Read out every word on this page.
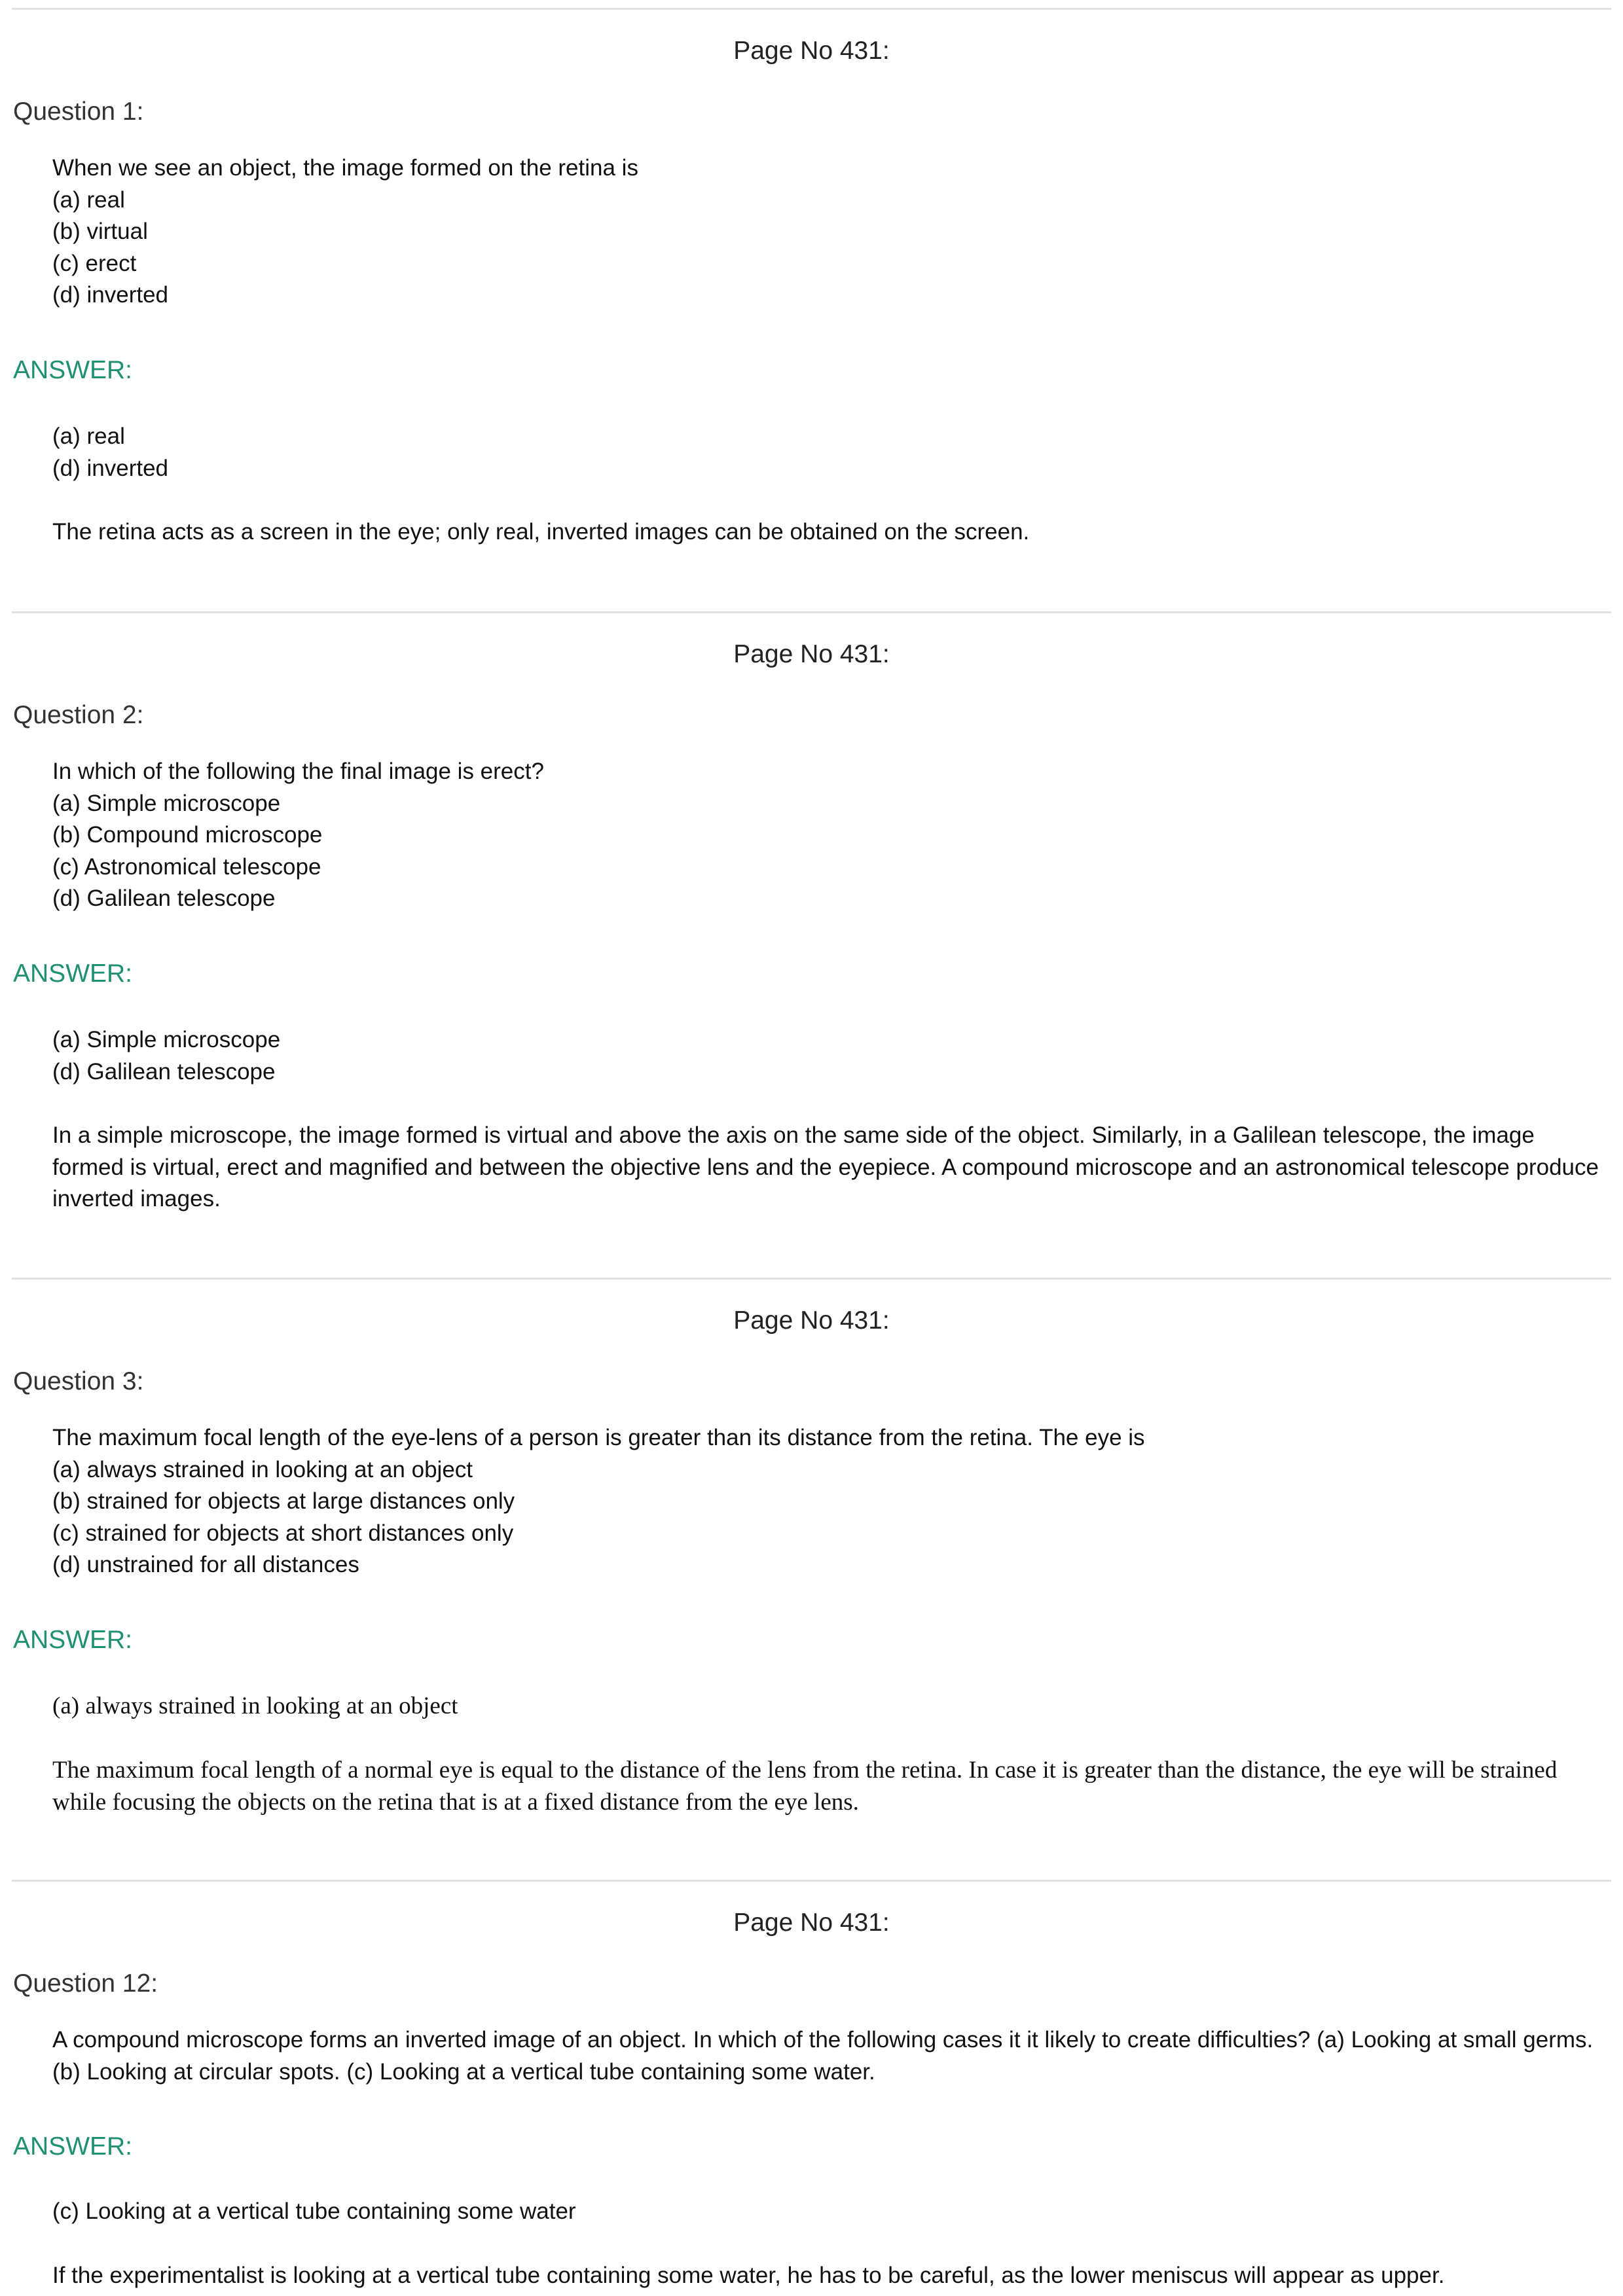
Page No 431:
Question 1:
When we see an object, the image formed on the retina is
(a) real
(b) virtual
(c) erect
(d) inverted
ANSWER:
(a) real
(d) inverted
The retina acts as a screen in the eye; only real, inverted images can be obtained on the screen.
Page No 431:
Question 2:
In which of the following the final image is erect?
(a) Simple microscope
(b) Compound microscope
(c) Astronomical telescope
(d) Galilean telescope
ANSWER:
(a) Simple microscope
(d) Galilean telescope
In a simple microscope, the image formed is virtual and above the axis on the same side of the object. Similarly, in a Galilean telescope, the image formed is virtual, erect and magnified and between the objective lens and the eyepiece. A compound microscope and an astronomical telescope produce inverted images.
Page No 431:
Question 3:
The maximum focal length of the eye-lens of a person is greater than its distance from the retina. The eye is
(a) always strained in looking at an object
(b) strained for objects at large distances only
(c) strained for objects at short distances only
(d) unstrained for all distances
ANSWER:
(a) always strained in looking at an object
The maximum focal length of a normal eye is equal to the distance of the lens from the retina. In case it is greater than the distance, the eye will be strained while focusing the objects on the retina that is at a fixed distance from the eye lens.
Page No 431:
Question 12:
A compound microscope forms an inverted image of an object. In which of the following cases it it likely to create difficulties? (a) Looking at small germs. (b) Looking at circular spots. (c) Looking at a vertical tube containing some water.
ANSWER:
(c) Looking at a vertical tube containing some water
If the experimentalist is looking at a vertical tube containing some water, he has to be careful, as the lower meniscus will appear as upper.
